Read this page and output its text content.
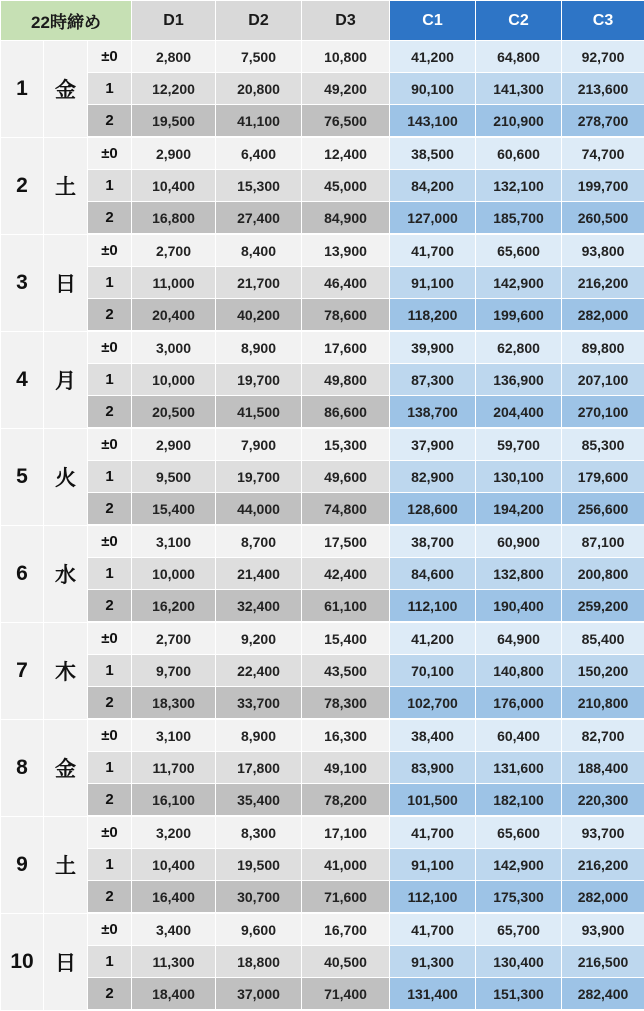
22時締め			D1	D2	D3	C1	C2	C3
1	金	±0	2,800	7,500	10,800	41,200	64,800	92,700
		1	12,200	20,800	49,200	90,100	141,300	213,600
		2	19,500	41,100	76,500	143,100	210,900	278,700
2	土	±0	2,900	6,400	12,400	38,500	60,600	74,700
		1	10,400	15,300	45,000	84,200	132,100	199,700
		2	16,800	27,400	84,900	127,000	185,700	260,500
3	日	±0	2,700	8,400	13,900	41,700	65,600	93,800
		1	11,000	21,700	46,400	91,100	142,900	216,200
		2	20,400	40,200	78,600	118,200	199,600	282,000
4	月	±0	3,000	8,900	17,600	39,900	62,800	89,800
		1	10,000	19,700	49,800	87,300	136,900	207,100
		2	20,500	41,500	86,600	138,700	204,400	270,100
5	火	±0	2,900	7,900	15,300	37,900	59,700	85,300
		1	9,500	19,700	49,600	82,900	130,100	179,600
		2	15,400	44,000	74,800	128,600	194,200	256,600
6	水	±0	3,100	8,700	17,500	38,700	60,900	87,100
		1	10,000	21,400	42,400	84,600	132,800	200,800
		2	16,200	32,400	61,100	112,100	190,400	259,200
7	木	±0	2,700	9,200	15,400	41,200	64,900	85,400
		1	9,700	22,400	43,500	70,100	140,800	150,200
		2	18,300	33,700	78,300	102,700	176,000	210,800
8	金	±0	3,100	8,900	16,300	38,400	60,400	82,700
		1	11,700	17,800	49,100	83,900	131,600	188,400
		2	16,100	35,400	78,200	101,500	182,100	220,300
9	土	±0	3,200	8,300	17,100	41,700	65,600	93,700
		1	10,400	19,500	41,000	91,100	142,900	216,200
		2	16,400	30,700	71,600	112,100	175,300	282,000
10	日	±0	3,400	9,600	16,700	41,700	65,700	93,900
		1	11,300	18,800	40,500	91,300	130,400	216,500
		2	18,400	37,000	71,400	131,400	151,300	282,400
